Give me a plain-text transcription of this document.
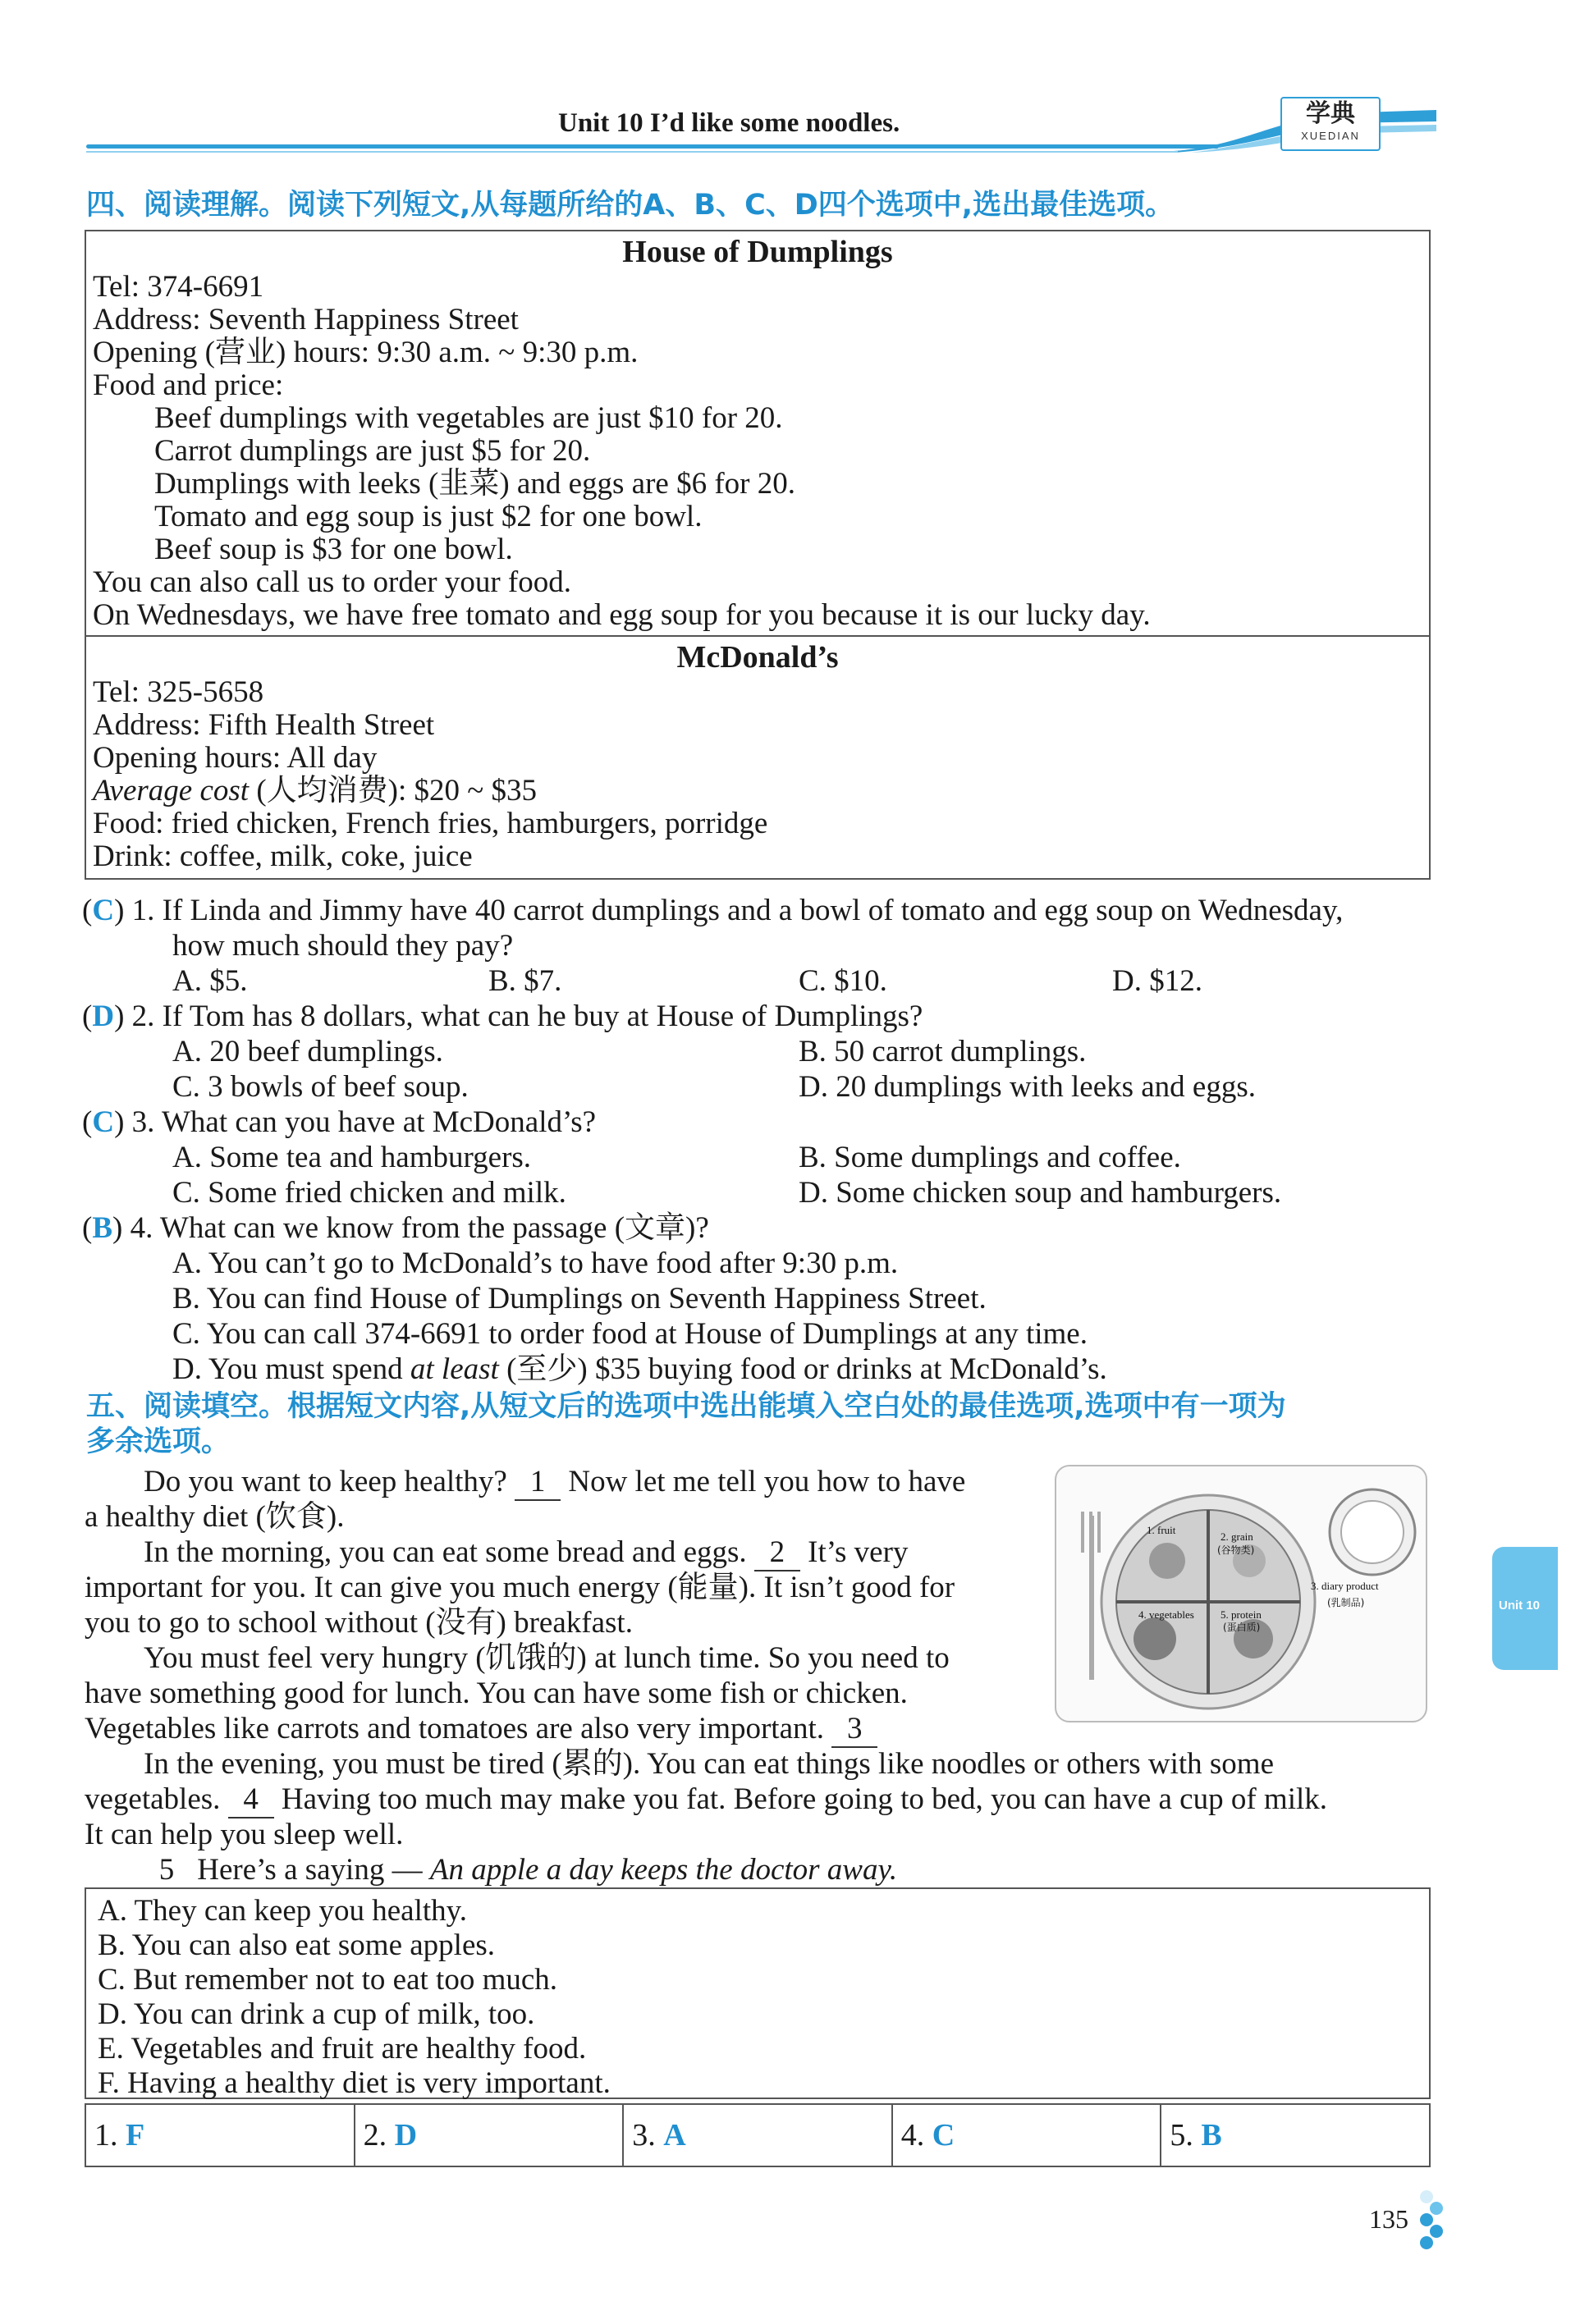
Unit 10 I’d like some noodles.	学典
XUEDIAN
四、阅读理解。阅读下列短文,从每题所给的A、B、C、D四个选项中,选出最佳选项。
House of Dumplings
Tel: 374-6691
Address: Seventh Happiness Street
Opening (营业) hours: 9:30 a.m. ~ 9:30 p.m.
Food and price:
Beef dumplings with vegetables are just $10 for 20.
Carrot dumplings are just $5 for 20.
Dumplings with leeks (韭菜) and eggs are $6 for 20.
Tomato and egg soup is just $2 for one bowl.
Beef soup is $3 for one bowl.
You can also call us to order your food.
On Wednesdays, we have free tomato and egg soup for you because it is our lucky day.
McDonald’s
Tel: 325-5658
Address: Fifth Health Street
Opening hours: All day
Average cost (人均消费): $20 ~ $35
Food: fried chicken, French fries, hamburgers, porridge
Drink: coffee, milk, coke, juice
(C) 1. If Linda and Jimmy have 40 carrot dumplings and a bowl of tomato and egg soup on Wednesday,
how much should they pay?
A. $5.	B. $7.	C. $10.	D. $12.
(D) 2. If Tom has 8 dollars, what can he buy at House of Dumplings?
A. 20 beef dumplings.	B. 50 carrot dumplings.
C. 3 bowls of beef soup.	D. 20 dumplings with leeks and eggs.
(C) 3. What can you have at McDonald’s?
A. Some tea and hamburgers.	B. Some dumplings and coffee.
C. Some fried chicken and milk.	D. Some chicken soup and hamburgers.
(B) 4. What can we know from the passage (文章)?
A. You can’t go to McDonald’s to have food after 9:30 p.m.
B. You can find House of Dumplings on Seventh Happiness Street.
C. You can call 374-6691 to order food at House of Dumplings at any time.
D. You must spend at least (至少) $35 buying food or drinks at McDonald’s.
五、阅读填空。根据短文内容,从短文后的选项中选出能填入空白处的最佳选项,选项中有一项为
多余选项。
Do you want to keep healthy? 1 Now let me tell you how to have
a healthy diet (饮食).
In the morning, you can eat some bread and eggs. 2 It’s very
important for you. It can give you much energy (能量). It isn’t good for
you to go to school without (没有) breakfast.
You must feel very hungry (饥饿的) at lunch time. So you need to
have something good for lunch. You can have some fish or chicken.
Vegetables like carrots and tomatoes are also very important. 3
In the evening, you must be tired (累的). You can eat things like noodles or others with some
vegetables. 4 Having too much may make you fat. Before going to bed, you can have a cup of milk.
It can help you sleep well.
5 Here’s a saying — An apple a day keeps the doctor away.
1. fruit
2. grain
(谷物类)
3. diary product
(乳制品)
4. vegetables 5. protein
(蛋白质)
A. They can keep you healthy.
B. You can also eat some apples.
C. But remember not to eat too much.
D. You can drink a cup of milk, too.
E. Vegetables and fruit are healthy food.
F. Having a healthy diet is very important.
1. F	2. D	3. A	4. C	5. B
Unit 10
135
